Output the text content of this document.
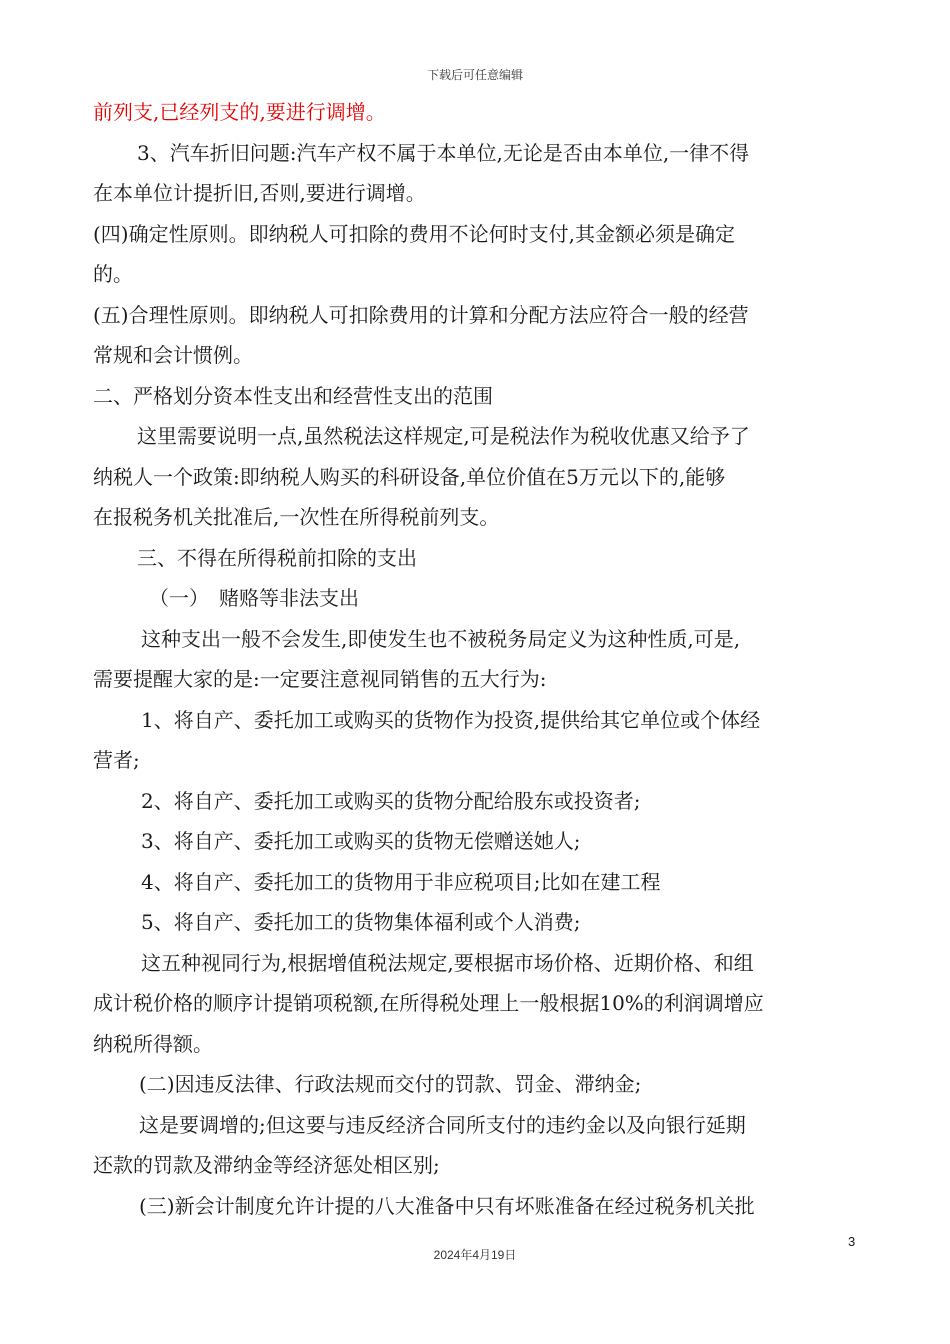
下载后可任意编辑
前列支,已经列支的,要进行调增。
3、汽车折旧问题:汽车产权不属于本单位,无论是否由本单位,一律不得
在本单位计提折旧,否则,要进行调增。
(四)确定性原则。即纳税人可扣除的费用不论何时支付,其金额必须是确定
的。
(五)合理性原则。即纳税人可扣除费用的计算和分配方法应符合一般的经营
常规和会计惯例。
二、严格划分资本性支出和经营性支出的范围
这里需要说明一点,虽然税法这样规定,可是税法作为税收优惠又给予了
纳税人一个政策:即纳税人购买的科研设备,单位价值在5万元以下的,能够
在报税务机关批准后,一次性在所得税前列支。
三、不得在所得税前扣除的支出
（一）　赌赂等非法支出
这种支出一般不会发生,即使发生也不被税务局定义为这种性质,可是,
需要提醒大家的是:一定要注意视同销售的五大行为:
1、将自产、委托加工或购买的货物作为投资,提供给其它单位或个体经
营者;
2、将自产、委托加工或购买的货物分配给股东或投资者;
3、将自产、委托加工或购买的货物无偿赠送她人;
4、将自产、委托加工的货物用于非应税项目;比如在建工程
5、将自产、委托加工的货物集体福利或个人消费;
这五种视同行为,根据增值税法规定,要根据市场价格、近期价格、和组
成计税价格的顺序计提销项税额,在所得税处理上一般根据10%的利润调增应
纳税所得额。
(二)因违反法律、行政法规而交付的罚款、罚金、滞纳金;
这是要调增的;但这要与违反经济合同所支付的违约金以及向银行延期
还款的罚款及滞纳金等经济惩处相区别;
(三)新会计制度允许计提的八大准备中只有坏账准备在经过税务机关批
3
2024年4月19日
